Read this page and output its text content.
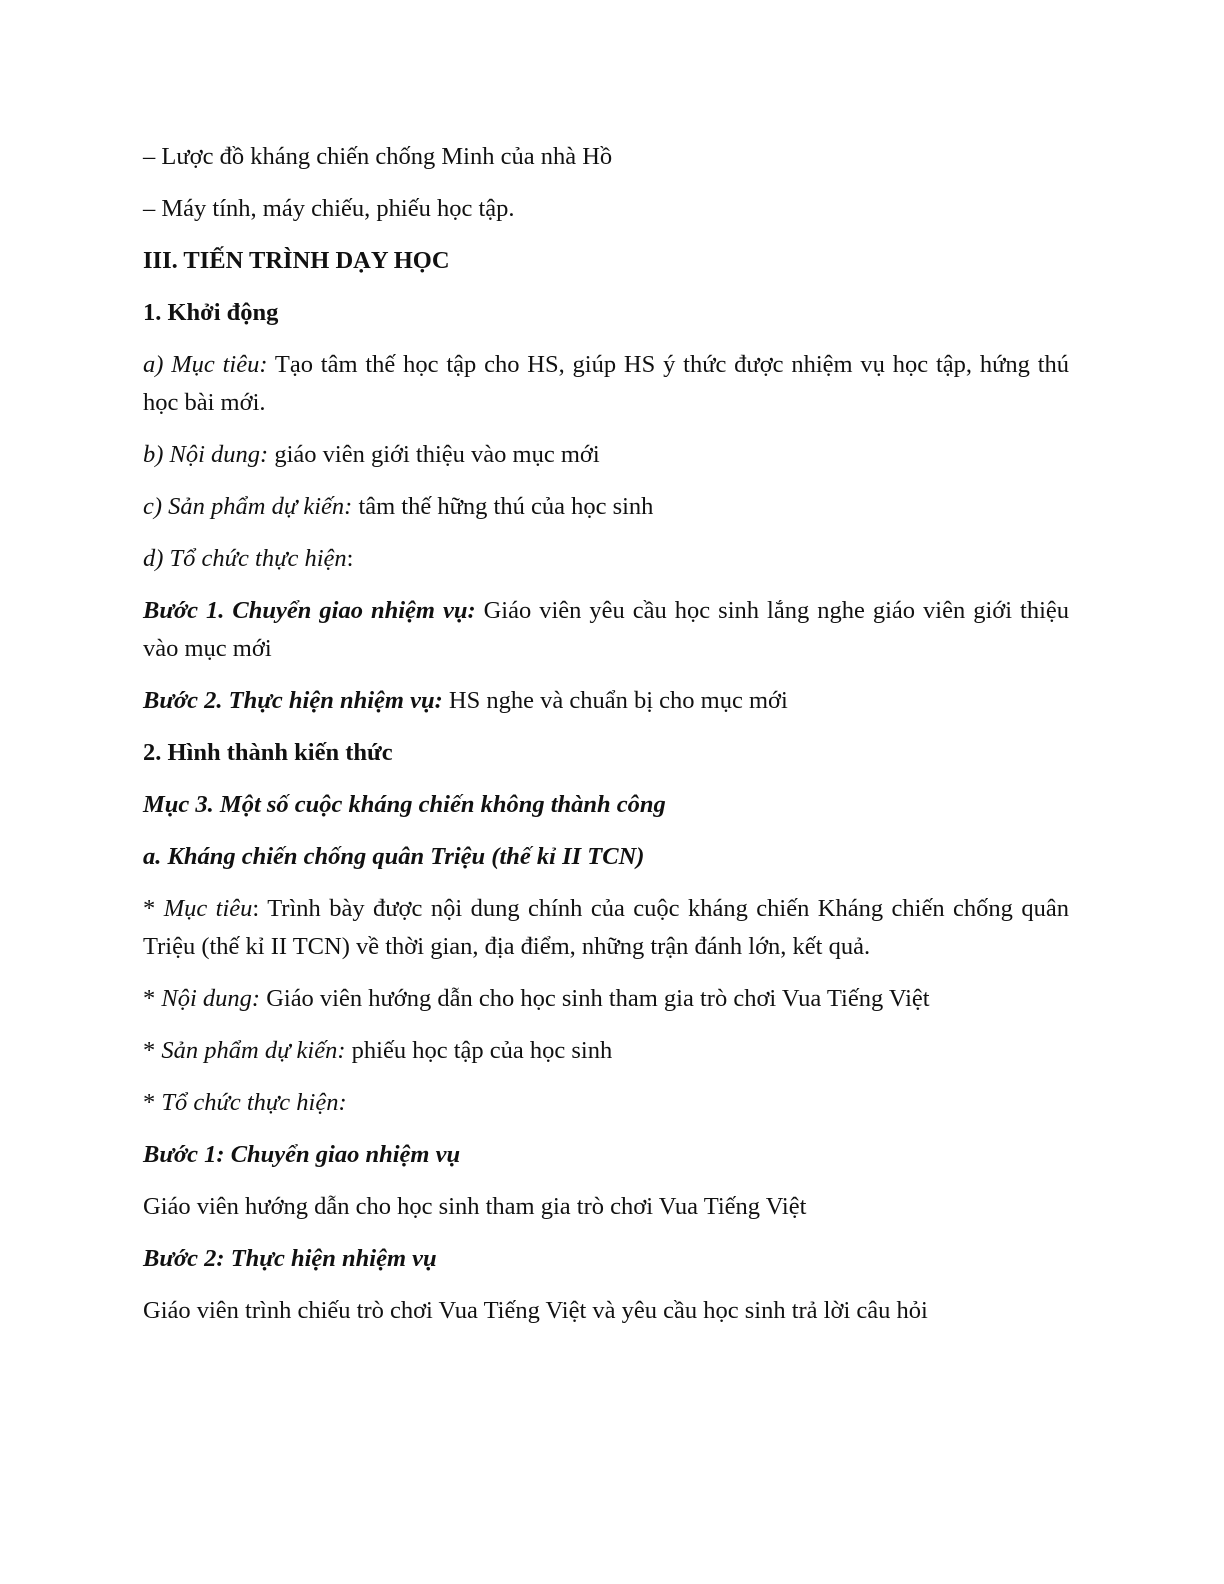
– Lược đồ kháng chiến chống Minh của nhà Hồ

– Máy tính, máy chiếu, phiếu học tập.

III. TIẾN TRÌNH DẠY HỌC

1. Khởi động

a) Mục tiêu: Tạo tâm thế học tập cho HS, giúp HS ý thức được nhiệm vụ học tập, hứng thú học bài mới.

b) Nội dung: giáo viên giới thiệu vào mục mới

c) Sản phẩm dự kiến: tâm thế hững thú của học sinh

d) Tổ chức thực hiện:

Bước 1. Chuyển giao nhiệm vụ: Giáo viên yêu cầu học sinh lắng nghe giáo viên giới thiệu vào mục mới

Bước 2. Thực hiện nhiệm vụ: HS nghe và chuẩn bị cho mục mới

2. Hình thành kiến thức

Mục 3. Một số cuộc kháng chiến không thành công

a. Kháng chiến chống quân Triệu (thế kỉ II TCN)

* Mục tiêu: Trình bày được nội dung chính của cuộc kháng chiến Kháng chiến chống quân Triệu (thế kỉ II TCN) về thời gian, địa điểm, những trận đánh lớn, kết quả.

* Nội dung: Giáo viên hướng dẫn cho học sinh tham gia trò chơi Vua Tiếng Việt

* Sản phẩm dự kiến: phiếu học tập của học sinh

* Tổ chức thực hiện:

Bước 1: Chuyển giao nhiệm vụ

Giáo viên hướng dẫn cho học sinh tham gia trò chơi Vua Tiếng Việt

Bước 2: Thực hiện nhiệm vụ

Giáo viên trình chiếu trò chơi Vua Tiếng Việt và yêu cầu học sinh trả lời câu hỏi
